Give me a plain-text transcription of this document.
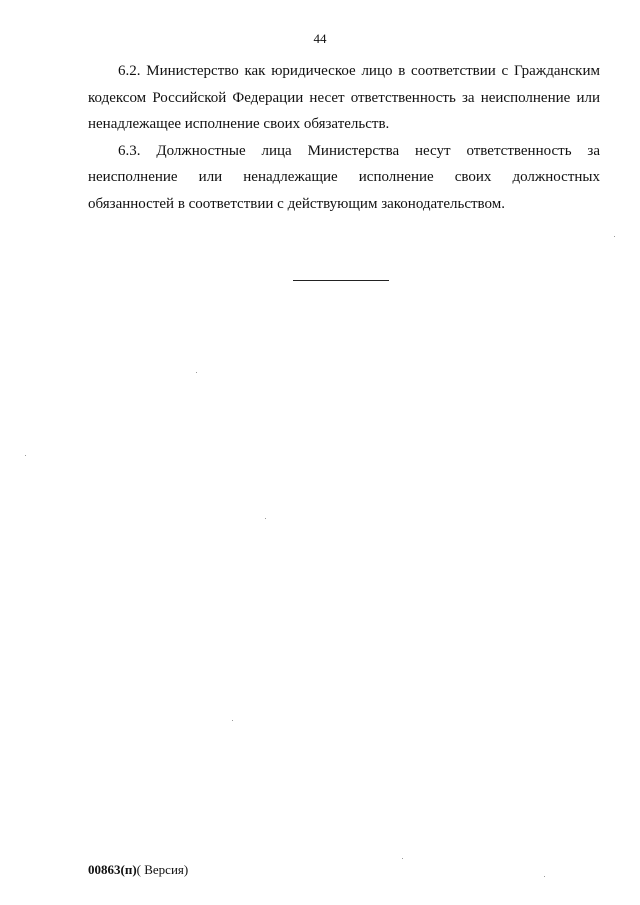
44

6.2. Министерство как юридическое лицо в соответствии с Гражданским кодексом Российской Федерации несет ответственность за неисполнение или ненадлежащее исполнение своих обязательств.

6.3. Должностные лица Министерства несут ответственность за неисполнение или ненадлежащие исполнение своих должностных обязанностей в соответствии с действующим законодательством.

00863(п)( Версия)
